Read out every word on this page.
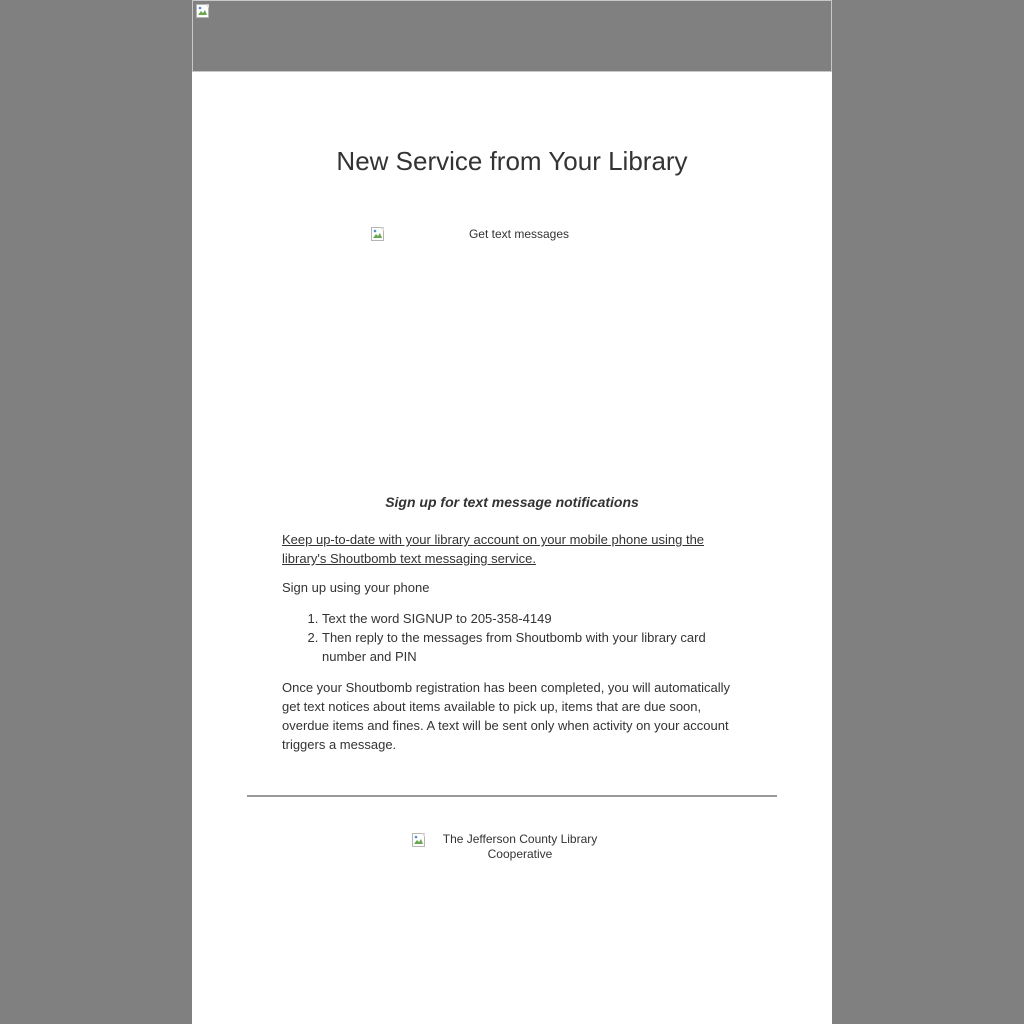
New Service from Your Library
Get text messages
Sign up for text message notifications

Keep up-to-date with your library account on your mobile phone using the library's Shoutbomb text messaging service.

Sign up using your phone

1. Text the word SIGNUP to 205-358-4149
2. Then reply to the messages from Shoutbomb with your library card number and PIN

Once your Shoutbomb registration has been completed, you will automatically get text notices about items available to pick up, items that are due soon, overdue items and fines. A text will be sent only when activity on your account triggers a message.

The Jefferson County Library Cooperative
